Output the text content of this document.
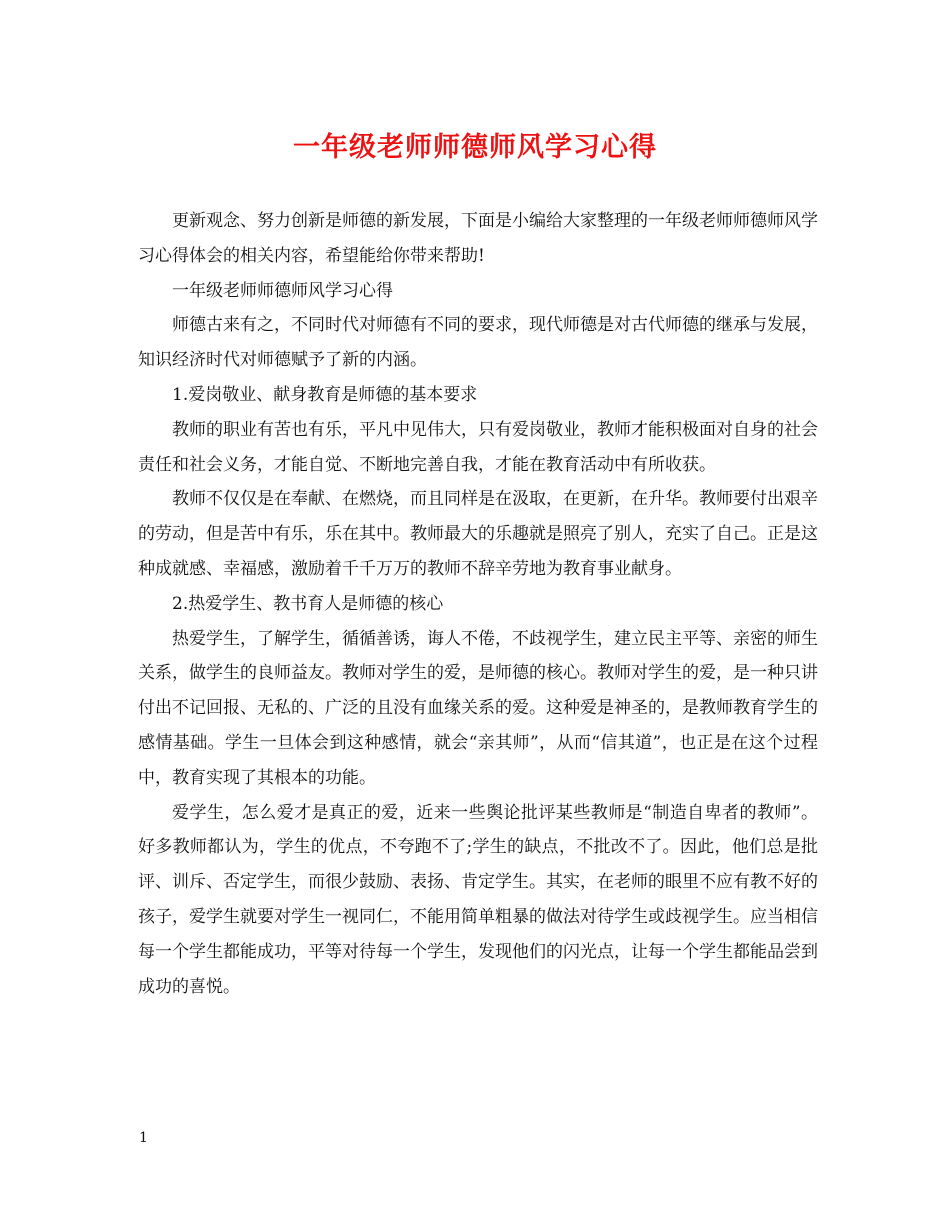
一年级老师师德师风学习心得

更新观念、努力创新是师德的新发展，下面是小编给大家整理的一年级老师师德师风学习心得体会的相关内容，希望能给你带来帮助!

一年级老师师德师风学习心得

师德古来有之，不同时代对师德有不同的要求，现代师德是对古代师德的继承与发展，知识经济时代对师德赋予了新的内涵。

1.爱岗敬业、献身教育是师德的基本要求

教师的职业有苦也有乐，平凡中见伟大，只有爱岗敬业，教师才能积极面对自身的社会责任和社会义务，才能自觉、不断地完善自我，才能在教育活动中有所收获。

教师不仅仅是在奉献、在燃烧，而且同样是在汲取，在更新，在升华。教师要付出艰辛的劳动，但是苦中有乐，乐在其中。教师最大的乐趣就是照亮了别人，充实了自己。正是这种成就感、幸福感，激励着千千万万的教师不辞辛劳地为教育事业献身。

2.热爱学生、教书育人是师德的核心

热爱学生，了解学生，循循善诱，诲人不倦，不歧视学生，建立民主平等、亲密的师生关系，做学生的良师益友。教师对学生的爱，是师德的核心。教师对学生的爱，是一种只讲付出不记回报、无私的、广泛的且没有血缘关系的爱。这种爱是神圣的，是教师教育学生的感情基础。学生一旦体会到这种感情，就会“亲其师”，从而“信其道”，也正是在这个过程中，教育实现了其根本的功能。

爱学生，怎么爱才是真正的爱，近来一些舆论批评某些教师是“制造自卑者的教师”。好多教师都认为，学生的优点，不夸跑不了;学生的缺点，不批改不了。因此，他们总是批评、训斥、否定学生，而很少鼓励、表扬、肯定学生。其实，在老师的眼里不应有教不好的孩子，爱学生就要对学生一视同仁，不能用简单粗暴的做法对待学生或歧视学生。应当相信每一个学生都能成功，平等对待每一个学生，发现他们的闪光点，让每一个学生都能品尝到成功的喜悦。

1
